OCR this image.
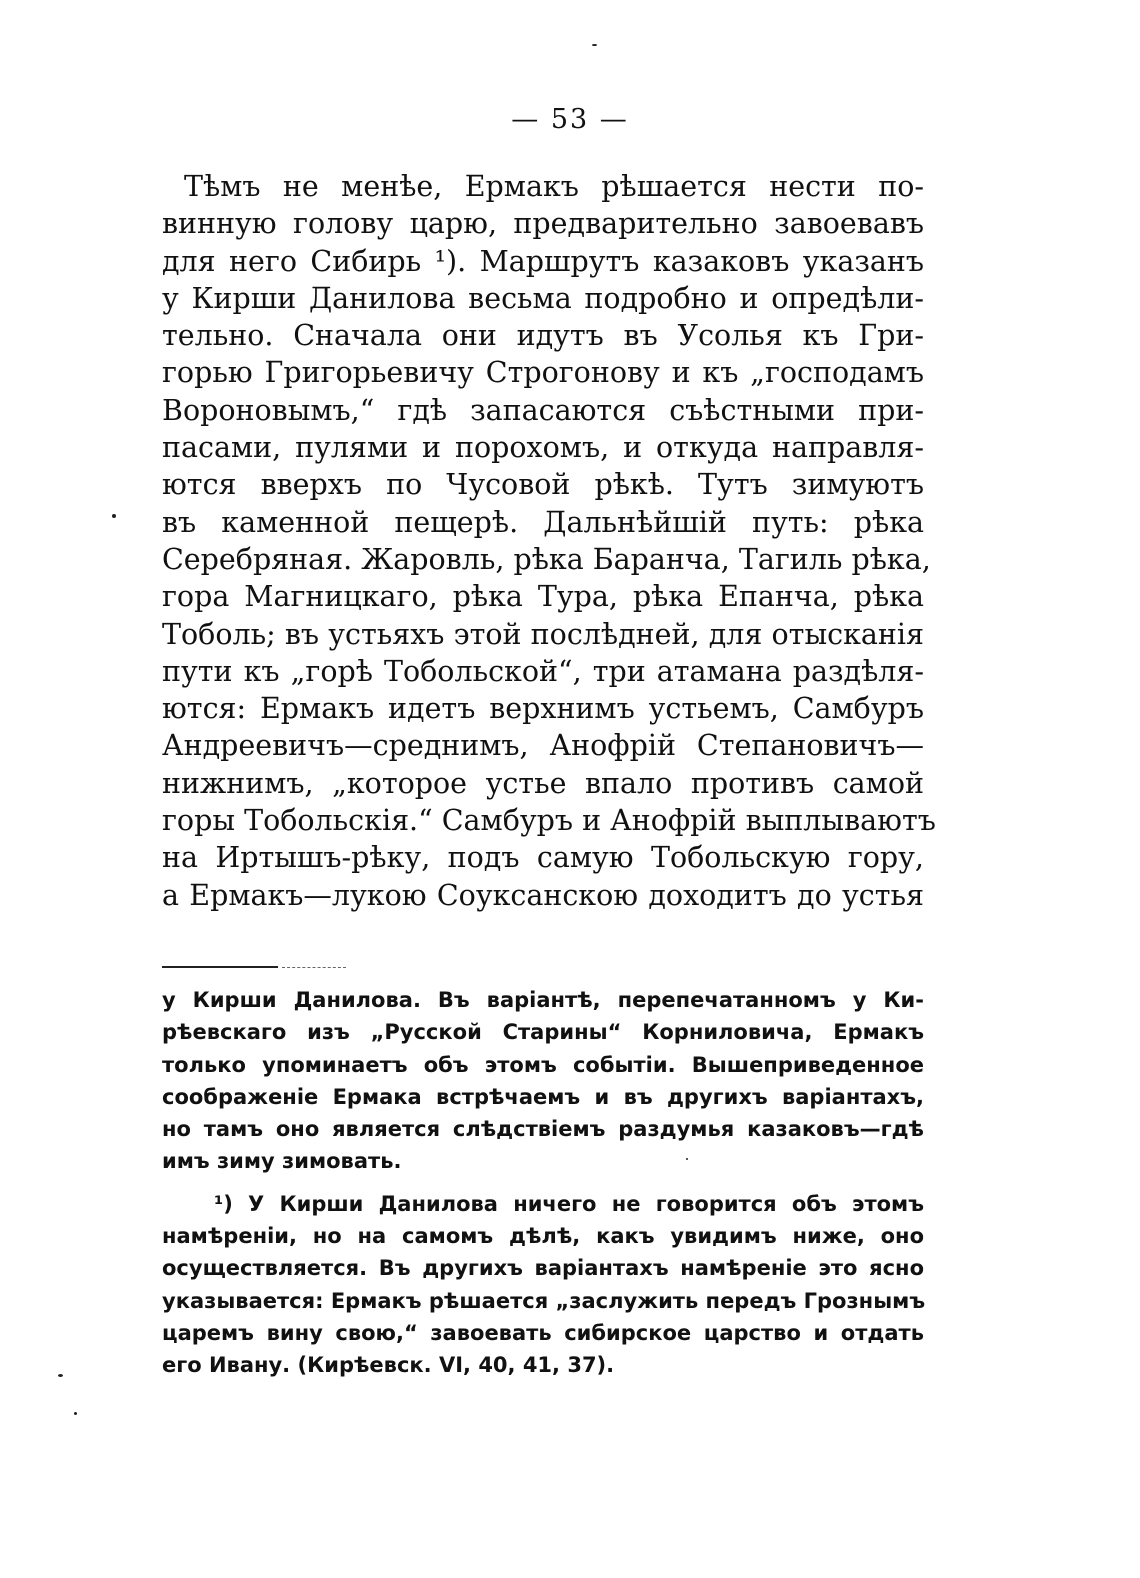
— 53 —
Тѣмъ не менѣе, Ермакъ рѣшается нести по-
винную голову царю, предварительно завоевавъ
для него Сибирь ¹). Маршрутъ казаковъ указанъ
у Кирши Данилова весьма подробно и опредѣли-
тельно. Сначала они идутъ въ Усолья къ Гри-
горью Григорьевичу Строгонову и къ „господамъ
Вороновымъ,“ гдѣ запасаются съѣстными при-
пасами, пулями и порохомъ, и откуда направля-
ются вверхъ по Чусовой рѣкѣ. Тутъ зимуютъ
въ каменной пещерѣ. Дальнѣйшій путь: рѣка
Серебряная. Жаровль, рѣка Баранча, Тагиль рѣка,
гора Магницкаго, рѣка Тура, рѣка Епанча, рѣка
Тоболь; въ устьяхъ этой послѣдней, для отысканія
пути къ „горѣ Тобольской“, три атамана раздѣля-
ются: Ермакъ идетъ верхнимъ устьемъ, Самбуръ
Андреевичъ—среднимъ, Анофрій Степановичъ—
нижнимъ, „которое устье впало противъ самой
горы Тобольскія.“ Самбуръ и Анофрій выплываютъ
на Иртышъ-рѣку, подъ самую Тобольскую гору,
а Ермакъ—лукою Соуксанскою доходитъ до устья
у Кирши Данилова. Въ варіантѣ, перепечатанномъ у Ки-
рѣевскаго изъ „Русской Старины“ Корниловича, Ермакъ
только упоминаетъ объ этомъ событіи. Вышеприведенное
соображеніе Ермака встрѣчаемъ и въ другихъ варіантахъ,
но тамъ оно является слѣдствіемъ раздумья казаковъ—гдѣ
имъ зиму зимовать.
¹) У Кирши Данилова ничего не говорится объ этомъ
намѣреніи, но на самомъ дѣлѣ, какъ увидимъ ниже, оно
осуществляется. Въ другихъ варіантахъ намѣреніе это ясно
указывается: Ермакъ рѣшается „заслужить передъ Грознымъ
царемъ вину свою,“ завоевать сибирское царство и отдать
его Ивану. (Кирѣевск. VI, 40, 41, 37).
